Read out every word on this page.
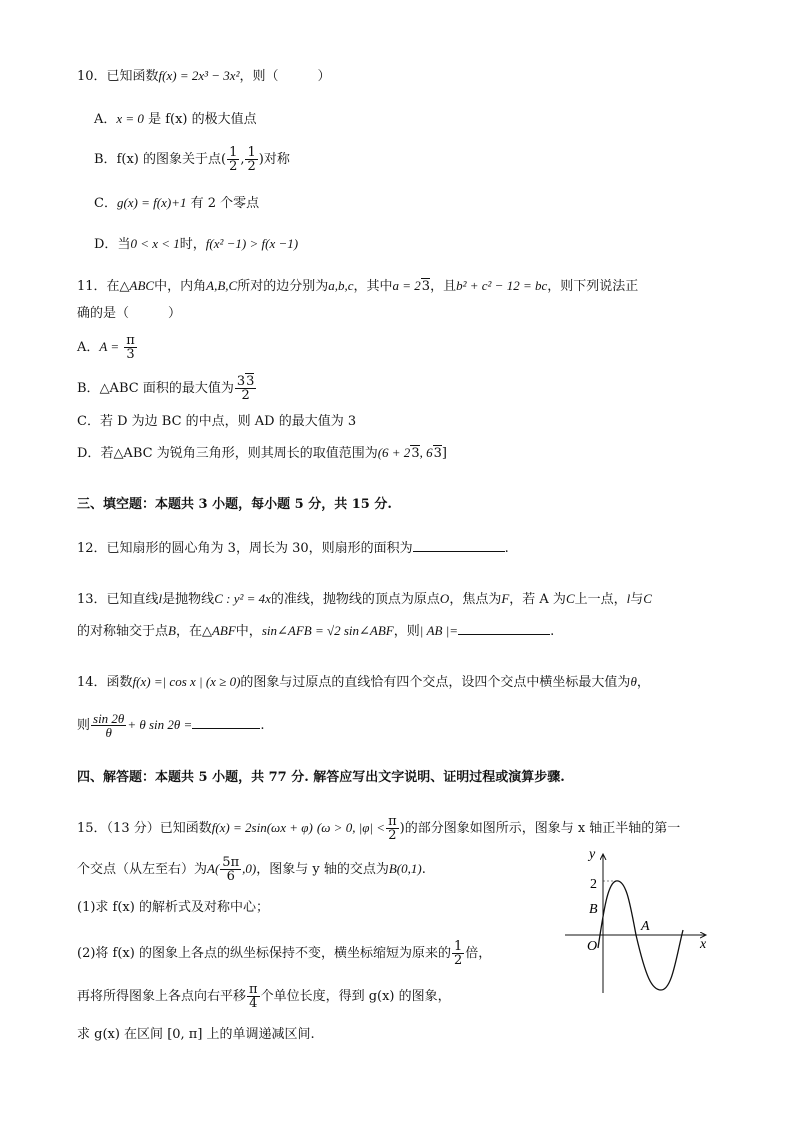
10．已知函数f(x) = 2x³ − 3x²，则（　　　）
A．x = 0 是 f(x) 的极大值点
B．f(x) 的图象关于点( $\frac{1}{2}$ , $\frac{1}{2}$ )对称
C．g(x) = f(x)+1 有 2 个零点
D．当0 < x < 1时，f(x² −1) > f(x −1)
11．在△ABC中，内角A,B,C所对的边分别为a,b,c，其中a = 23，且b² + c² − 12 = bc，则下列说法正
确的是（　　　）
A．$A = \frac{\pi}{3}$
B．△ABC 面积的最大值为 $\frac{33}{2}$
C．若 D 为边 BC 的中点，则 AD 的最大值为 3
D．若△ABC 为锐角三角形，则其周长的取值范围为(6 + 23, 63]
三、填空题：本题共 3 小题，每小题 5 分，共 15 分.
12．已知扇形的圆心角为 3，周长为 30，则扇形的面积为	.
13．已知直线l是抛物线C : y² = 4x的准线，抛物线的顶点为原点O，焦点为F，若 A 为C上一点，l与C
的对称轴交于点B，在△ABF中，sin∠AFB = √2 sin∠ABF，则| AB |=	.
14．函数f(x) =| cos x | (x ≥ 0)的图象与过原点的直线恰有四个交点，设四个交点中横坐标最大值为θ，
则 $\frac{\sin 2\theta}{\theta} + \theta$ sin 2θ =	.
四、解答题：本题共 5 小题，共 77 分. 解答应写出文字说明、证明过程或演算步骤.
15．（13 分）已知函数f(x) = 2sin(ωx + φ) (ω > 0, $|\varphi| < \frac{\pi}{2}$ )的部分图象如图所示，图象与 x 轴正半轴的第一
个交点（从左至右）为$A( \frac{5\pi}{6} ,0)$，图象与 y 轴的交点为B(0,1).
(1)求 f(x) 的解析式及对称中心；
(2)将 f(x) 的图象上各点的纵坐标保持不变，横坐标缩短为原来的 $\frac{1}{2}$ 倍，
再将所得图象上各点向右平移 $\frac{\pi}{4}$ 个单位长度，得到 g(x) 的图象，
求 g(x) 在区间 [0, π] 上的单调递减区间.
y
x
O
2
B
A
